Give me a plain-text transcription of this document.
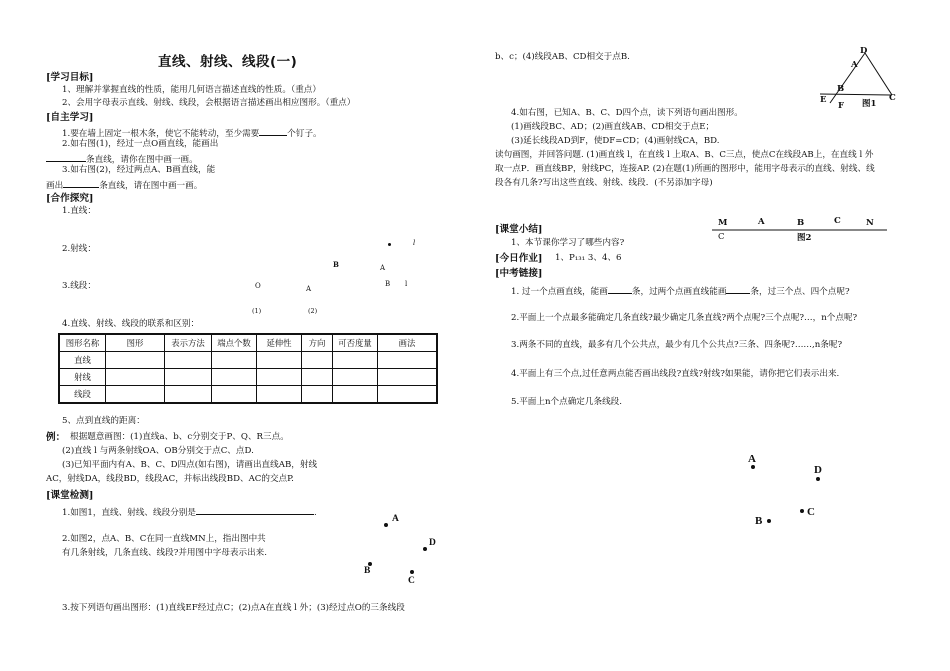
直线、射线、线段(一)
[学习目标]
1、理解并掌握直线的性质，能用几何语言描述直线的性质。（重点）
2、会用字母表示直线、射线、线段，会根据语言描述画出相应图形。（重点）
[自主学习]
1.要在墙上固定一根木条，使它不能转动，至少需要	个钉子。
2.如右图(1)，经过一点O画直线，能画出
条直线，请你在图中画一画。
3.如右图(2)，经过两点A、B画直线，能
画出	条直线，请在图中画一画。
[合作探究]
1.直线：
2.射线：
3.线段：
l
B	A
O	A
B l
(1)	(2)
4.直线、射线、线段的联系和区别：
图形名称	图形	表示方法	端点个数	延伸性	方向	可否度量	画法
直线							
射线							
线段							
5、点到直线的距离：
例： 根据题意画图：(1)直线a、b、c分别交于P、Q、R三点。
(2)直线 l 与两条射线OA、OB分别交于点C、点D.
(3)已知平面内有A、B、C、D四点(如右图)，请画出直线AB，射线
AC，射线DA，线段BD，线段AC，并标出线段BD、AC的交点P.
[课堂检测]
1.如图1，直线、射线、线段分别是	.
2.如图2，点A、B、C在同一直线MN上，指出图中共
有几条射线，几条直线、线段?并用图中字母表示出来.
A
D
B
C
3.按下列语句画出图形：(1)直线EF经过点C；(2)点A在直线 l 外；(3)经过点O的三条线段
b、c；(4)线段AB、CD相交于点B.
D
A
B
E
F
C
图1
4.如右图，已知A、B、C、D四个点，读下列语句画出图形。
(1)画线段BC、AD；(2)画直线AB、CD相交于点E；
(3)延长线段AD到F，使DF=CD；(4)画射线CA，BD.
读句画图，并回答问题. (1)画直线 l，在直线 l 上取A、B、C三点，使点C在线段AB上，在直线 l 外
取一点P．画直线BP，射线PC，连接AP. (2)在题(1)所画的图形中，能用字母表示的直线、射线、线
段各有几条?写出这些直线、射线、线段．(不另添加字母)
[课堂小结]
1、本节课你学习了哪些内容?
M	A	B	C	N
C	图2
[今日作业] 1、P₁₃₁ 3、4、6
[中考链接]
1. 过一个点画直线，能画	条，过两个点画直线能画	条，过三个点、四个点呢?
2.平面上一个点最多能确定几条直线?最少确定几条直线?两个点呢?三个点呢?…，n个点呢?
3.两条不同的直线，最多有几个公共点，最少有几个公共点?三条、四条呢?……,n条呢?
4.平面上有三个点,过任意两点能否画出线段?直线?射线?如果能，请你把它们表示出来.
5.平面上n个点确定几条线段.
A
D
B
C
